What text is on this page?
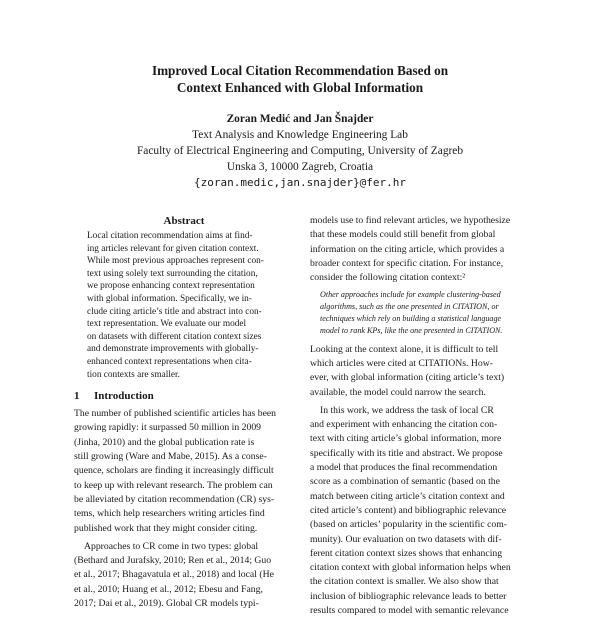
Improved Local Citation Recommendation Based on
Context Enhanced with Global Information
Zoran Medić and Jan Šnajder
Text Analysis and Knowledge Engineering Lab
Faculty of Electrical Engineering and Computing, University of Zagreb
Unska 3, 10000 Zagreb, Croatia
{zoran.medic,jan.snajder}@fer.hr
Abstract
Local citation recommendation aims at find-
ing articles relevant for given citation context.
While most previous approaches represent con-
text using solely text surrounding the citation,
we propose enhancing context representation
with global information. Specifically, we in-
clude citing article’s title and abstract into con-
text representation. We evaluate our model
on datasets with different citation context sizes
and demonstrate improvements with globally-
enhanced context representations when cita-
tion contexts are smaller.
1 Introduction
The number of published scientific articles has been
growing rapidly: it surpassed 50 million in 2009
(Jinha, 2010) and the global publication rate is
still growing (Ware and Mabe, 2015). As a conse-
quence, scholars are finding it increasingly difficult
to keep up with relevant research. The problem can
be alleviated by citation recommendation (CR) sys-
tems, which help researchers writing articles find
published work that they might consider citing.
Approaches to CR come in two types: global
(Bethard and Jurafsky, 2010; Ren et al., 2014; Guo
et al., 2017; Bhagavatula et al., 2018) and local (He
et al., 2010; Huang et al., 2012; Ebesu and Fang,
2017; Dai et al., 2019). Global CR models typi-
models use to find relevant articles, we hypothesize
that these models could still benefit from global
information on the citing article, which provides a
broader context for specific citation. For instance,
consider the following citation context:²
Other approaches include for example clustering-based
algorithms, such as the one presented in CITATION, or
techniques which rely on building a statistical language
model to rank KPs, like the one presented in CITATION.
Looking at the context alone, it is difficult to tell
which articles were cited at CITATIONs. How-
ever, with global information (citing article’s text)
available, the model could narrow the search.
In this work, we address the task of local CR
and experiment with enhancing the citation con-
text with citing article’s global information, more
specifically with its title and abstract. We propose
a model that produces the final recommendation
score as a combination of semantic (based on the
match between citing article’s citation context and
cited article’s content) and bibliographic relevance
(based on articles’ popularity in the scientific com-
munity). Our evaluation on two datasets with dif-
ferent citation context sizes shows that enhancing
citation context with global information helps when
the citation context is smaller. We also show that
inclusion of bibliographic relevance leads to better
results compared to model with semantic relevance
